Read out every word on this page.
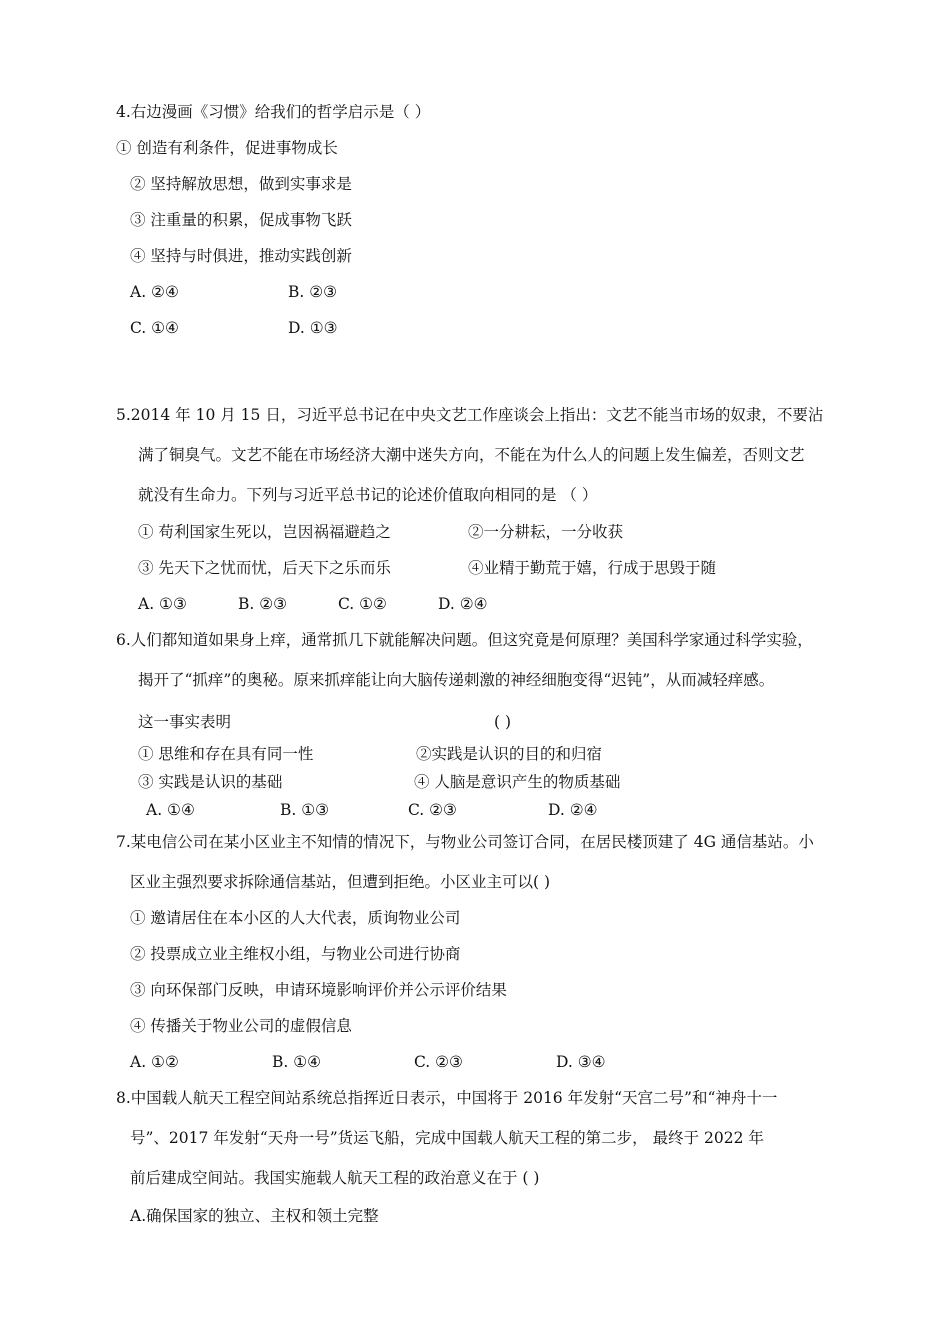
4.右边漫画《习惯》给我们的哲学启示是（ ）
① 创造有利条件，促进事物成长
② 坚持解放思想，做到实事求是
③ 注重量的积累，促成事物飞跃
④ 坚持与时俱进，推动实践创新
A. ②④	B. ②③
C. ①④	D. ①③
5.2014 年 10 月 15 日，习近平总书记在中央文艺工作座谈会上指出：文艺不能当市场的奴隶，不要沾
满了铜臭气。文艺不能在市场经济大潮中迷失方向，不能在为什么人的问题上发生偏差，否则文艺
就没有生命力。下列与习近平总书记的论述价值取向相同的是 （ ）
① 苟利国家生死以，岂因祸福避趋之	②一分耕耘，一分收获
③ 先天下之忧而忧，后天下之乐而乐	④业精于勤荒于嬉，行成于思毁于随
A. ①③	B. ②③	C. ①②	D. ②④
6.人们都知道如果身上痒，通常抓几下就能解决问题。但这究竟是何原理？美国科学家通过科学实验，
揭开了“抓痒”的奥秘。原来抓痒能让向大脑传递刺激的神经细胞变得“迟钝”，从而减轻痒感。
这一事实表明	( )
① 思维和存在具有同一性	②实践是认识的目的和归宿
③ 实践是认识的基础	④ 人脑是意识产生的物质基础
A. ①④	B. ①③	C. ②③	D. ②④
7.某电信公司在某小区业主不知情的情况下，与物业公司签订合同，在居民楼顶建了 4G 通信基站。小
区业主强烈要求拆除通信基站，但遭到拒绝。小区业主可以( )
① 邀请居住在本小区的人大代表，质询物业公司
② 投票成立业主维权小组，与物业公司进行协商
③ 向环保部门反映，申请环境影响评价并公示评价结果
④ 传播关于物业公司的虚假信息
A. ①②	B. ①④	C. ②③	D. ③④
8.中国载人航天工程空间站系统总指挥近日表示，中国将于 2016 年发射“天宫二号”和“神舟十一
号”、2017 年发射“天舟一号”货运飞船，完成中国载人航天工程的第二步， 最终于 2022 年
前后建成空间站。我国实施载人航天工程的政治意义在于 ( )
A.确保国家的独立、主权和领土完整
